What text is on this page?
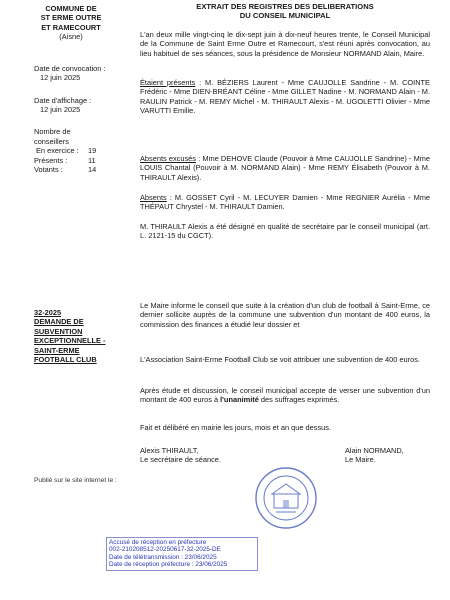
EXTRAIT DES REGISTRES DES DELIBERATIONS
DU CONSEIL MUNICIPAL
COMMUNE DE
ST ERME OUTRE
ET RAMECOURT
(Aisne)
Date de convocation :
12 juin 2025
Date d'affichage :
12 juin 2025
Nombre de
conseillers
En exercice :	19
Présents :	11
Votants :	14

L'an deux mille vingt-cinq le dix-sept juin à dix-neuf heures trente, le Conseil Municipal de la Commune de Saint Erme Outre et Ramecourt, s'est réuni après convocation, au lieu habituel de ses séances, sous la présidence de Monsieur NORMAND Alain, Maire.

Étaient présents : M. BÉZIERS Laurent - Mme CAUJOLLE Sandrine - M. COINTE Frédéric - Mme DIEN-BRÉANT Céline - Mme GILLET Nadine - M. NORMAND Alain - M. RAULIN Patrick - M. REMY Michel - M. THIRAULT Alexis - M. UGOLETTI Olivier - Mme VARUTTI Emilie.

Absents excusés : Mme DEHOVE Claude (Pouvoir à Mme CAUJOLLE Sandrine) - Mme LOUIS Chantal (Pouvoir à M. NORMAND Alain) - Mme REMY Élisabeth (Pouvoir à M. THIRAULT Alexis).

Absents : M. GOSSET Cyril - M. LECUYER Damien - Mme REGNIER Aurélia - Mme THÉPAUT Chrystel - M. THIRAULT Damien.

M. THIRAULT Alexis a été désigné en qualité de secrétaire par le conseil municipal (art. L. 2121-15 du CGCT).

32-2025
DEMANDE DE SUBVENTION EXCEPTIONNELLE - SAINT-ERME FOOTBALL CLUB

Le Maire informe le conseil que suite à la création d'un club de football à Saint-Erme, ce dernier sollicite auprès de la commune une subvention d'un montant de 400 euros, la commission des finances a étudié leur dossier et

L'Association Saint-Erme Football Club se voit attribuer une subvention de 400 euros.

Après étude et discussion, le conseil municipal accepte de verser une subvention d'un montant de 400 euros à l'unanimité des suffrages exprimés.

Fait et délibéré en mairie les jours, mois et an que dessus.

Alexis THIRAULT,
Le secrétaire de séance.
Alain NORMAND,
Le Maire.
Publié sur le site internet le :
Accusé de réception en préfecture
002-210208512-20250617-32-2025-DE
Date de télétransmission : 23/06/2025
Date de réception préfecture : 23/06/2025
